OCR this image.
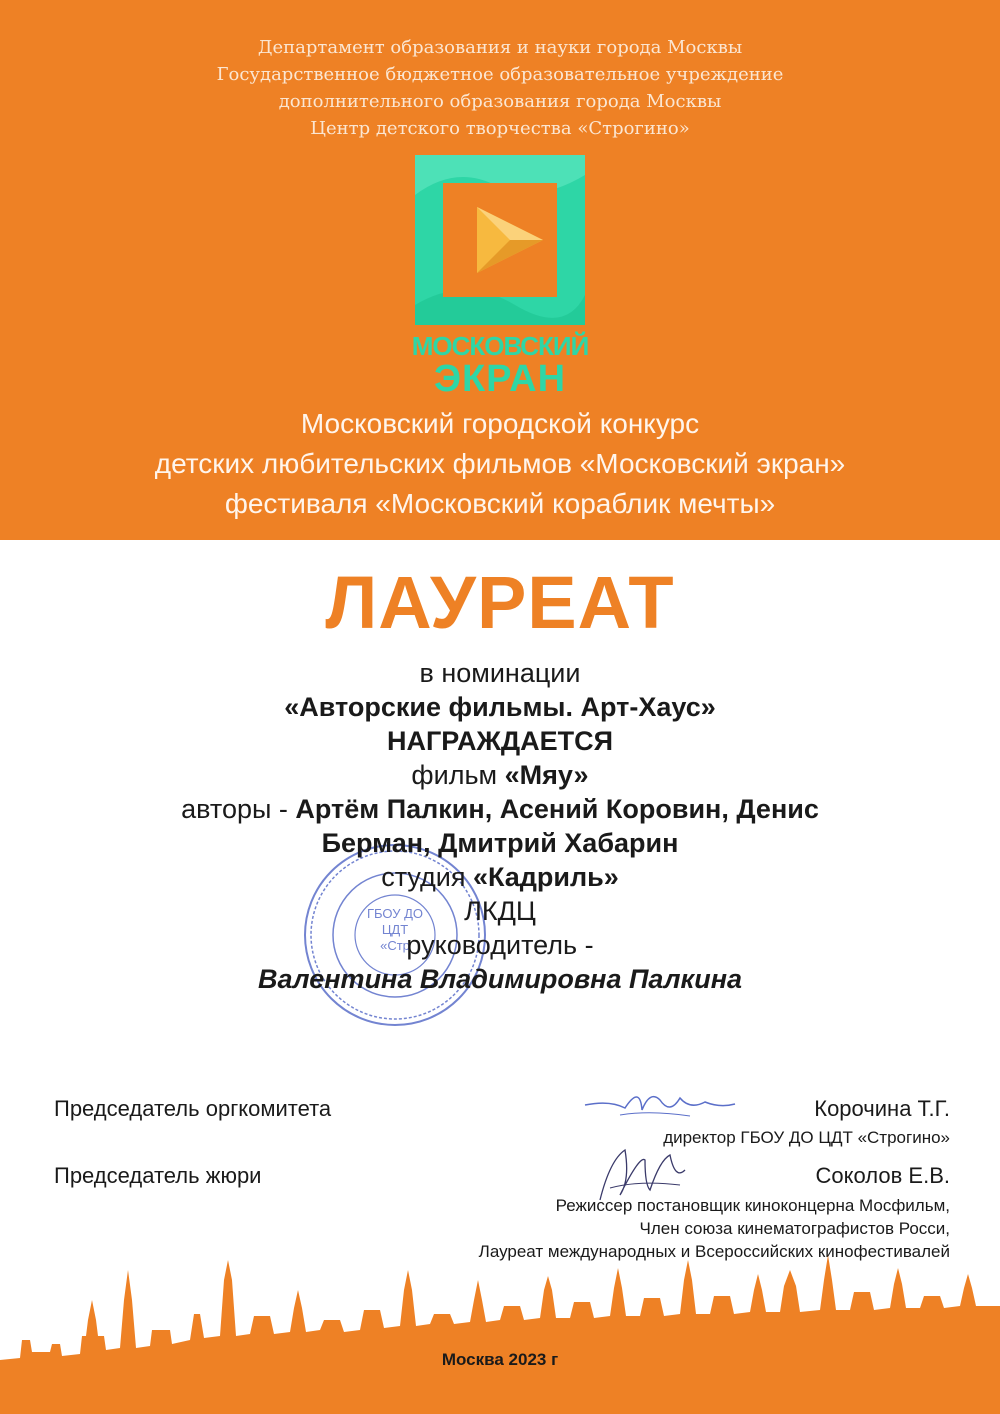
Департамент образования и науки города Москвы
Государственное бюджетное образовательное учреждение
дополнительного образования города Москвы
Центр детского творчества «Строгино»
МОСКОВСКИЙ
ЭКРАН
Московский городской конкурс
детских любительских фильмов «Московский экран»
фестиваля «Московский кораблик мечты»
ЛАУРЕАТ
ГБОУ ДО
ЦДТ
«Стр
в номинации
«Авторские фильмы. Арт-Хаус»
НАГРАЖДАЕТСЯ
фильм «Мяу»
авторы - Артём Палкин, Асений Коровин, Денис
Берман, Дмитрий Хабарин
студия «Кадриль»
ЛКДЦ
руководитель -
Валентина Владимировна Палкина
Председатель оргкомитета	Корочина Т.Г.
директор ГБОУ ДО ЦДТ «Строгино»
Председатель жюри	Соколов Е.В.
Режиссер постановщик киноконцерна Мосфильм,
Член союза кинематографистов Росси,
Лауреат международных и Всероссийских кинофестивалей
Москва 2023 г
